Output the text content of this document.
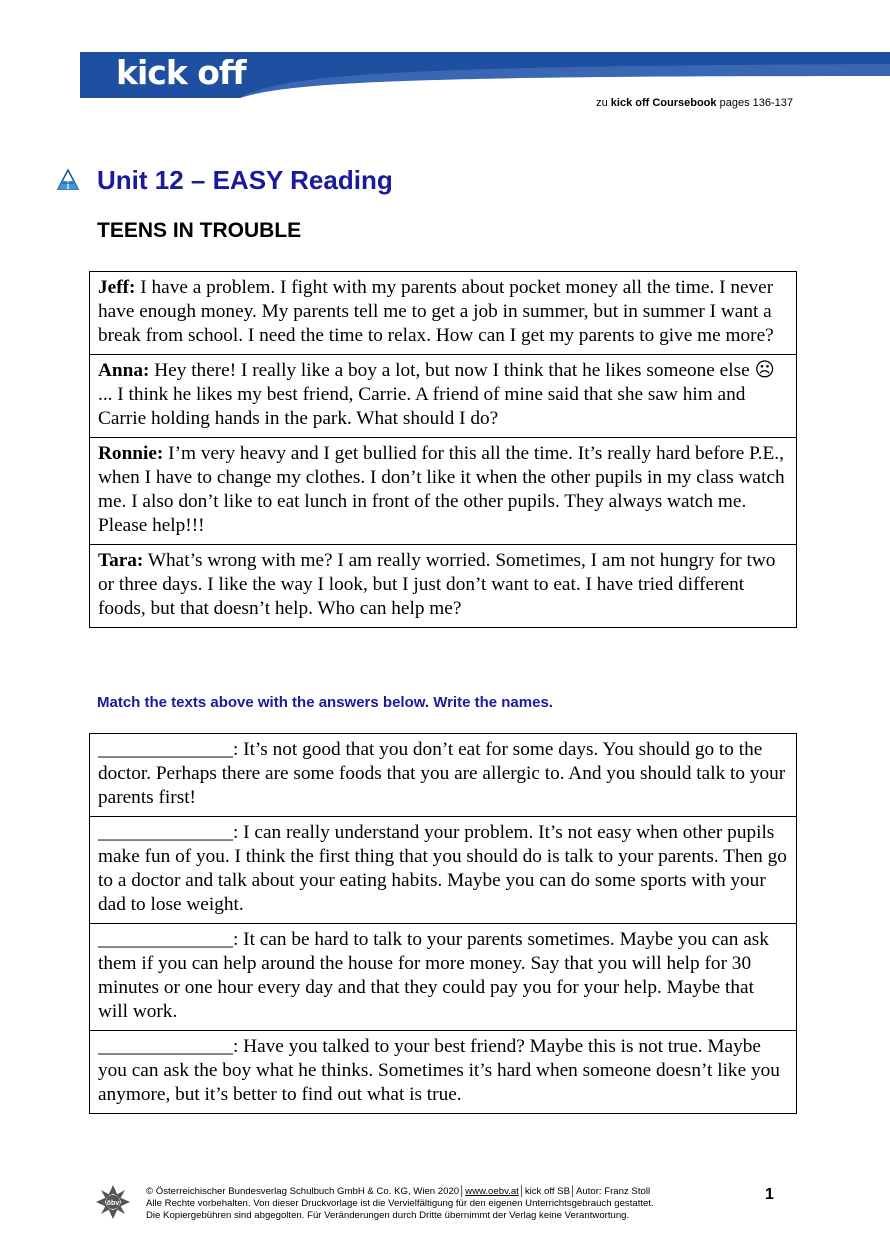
kick off
zu kick off Coursebook pages 136-137
Unit 12 – EASY Reading
TEENS IN TROUBLE
Jeff: I have a problem. I fight with my parents about pocket money all the time. I never have enough money. My parents tell me to get a job in summer, but in summer I want a break from school. I need the time to relax. How can I get my parents to give me more?
Anna: Hey there! I really like a boy a lot, but now I think that he likes someone else ☹ ... I think he likes my best friend, Carrie. A friend of mine said that she saw him and Carrie holding hands in the park. What should I do?
Ronnie: I’m very heavy and I get bullied for this all the time. It’s really hard before P.E., when I have to change my clothes. I don’t like it when the other pupils in my class watch me. I also don’t like to eat lunch in front of the other pupils. They always watch me. Please help!!!
Tara: What’s wrong with me? I am really worried. Sometimes, I am not hungry for two or three days. I like the way I look, but I just don’t want to eat. I have tried different foods, but that doesn’t help. Who can help me?

Match the texts above with the answers below. Write the names.

______________: It’s not good that you don’t eat for some days. You should go to the doctor. Perhaps there are some foods that you are allergic to. And you should talk to your parents first!
______________: I can really understand your problem. It’s not easy when other pupils make fun of you. I think the first thing that you should do is talk to your parents. Then go to a doctor and talk about your eating habits. Maybe you can do some sports with your dad to lose weight.
______________: It can be hard to talk to your parents sometimes. Maybe you can ask them if you can help around the house for more money. Say that you will help for 30 minutes or one hour every day and that they could pay you for your help. Maybe that will work.
______________: Have you talked to your best friend? Maybe this is not true. Maybe you can ask the boy what he thinks. Sometimes it’s hard when someone doesn’t like you anymore, but it’s better to find out what is true.
öbv
© Österreichischer Bundesverlag Schulbuch GmbH & Co. KG, Wien 2020│www.oebv.at│kick off SB│Autor: Franz Stoll
Alle Rechte vorbehalten. Von dieser Druckvorlage ist die Vervielfältigung für den eigenen Unterrichtsgebrauch gestattet.
Die Kopiergebühren sind abgegolten. Für Veränderungen durch Dritte übernimmt der Verlag keine Verantwortung.
1
